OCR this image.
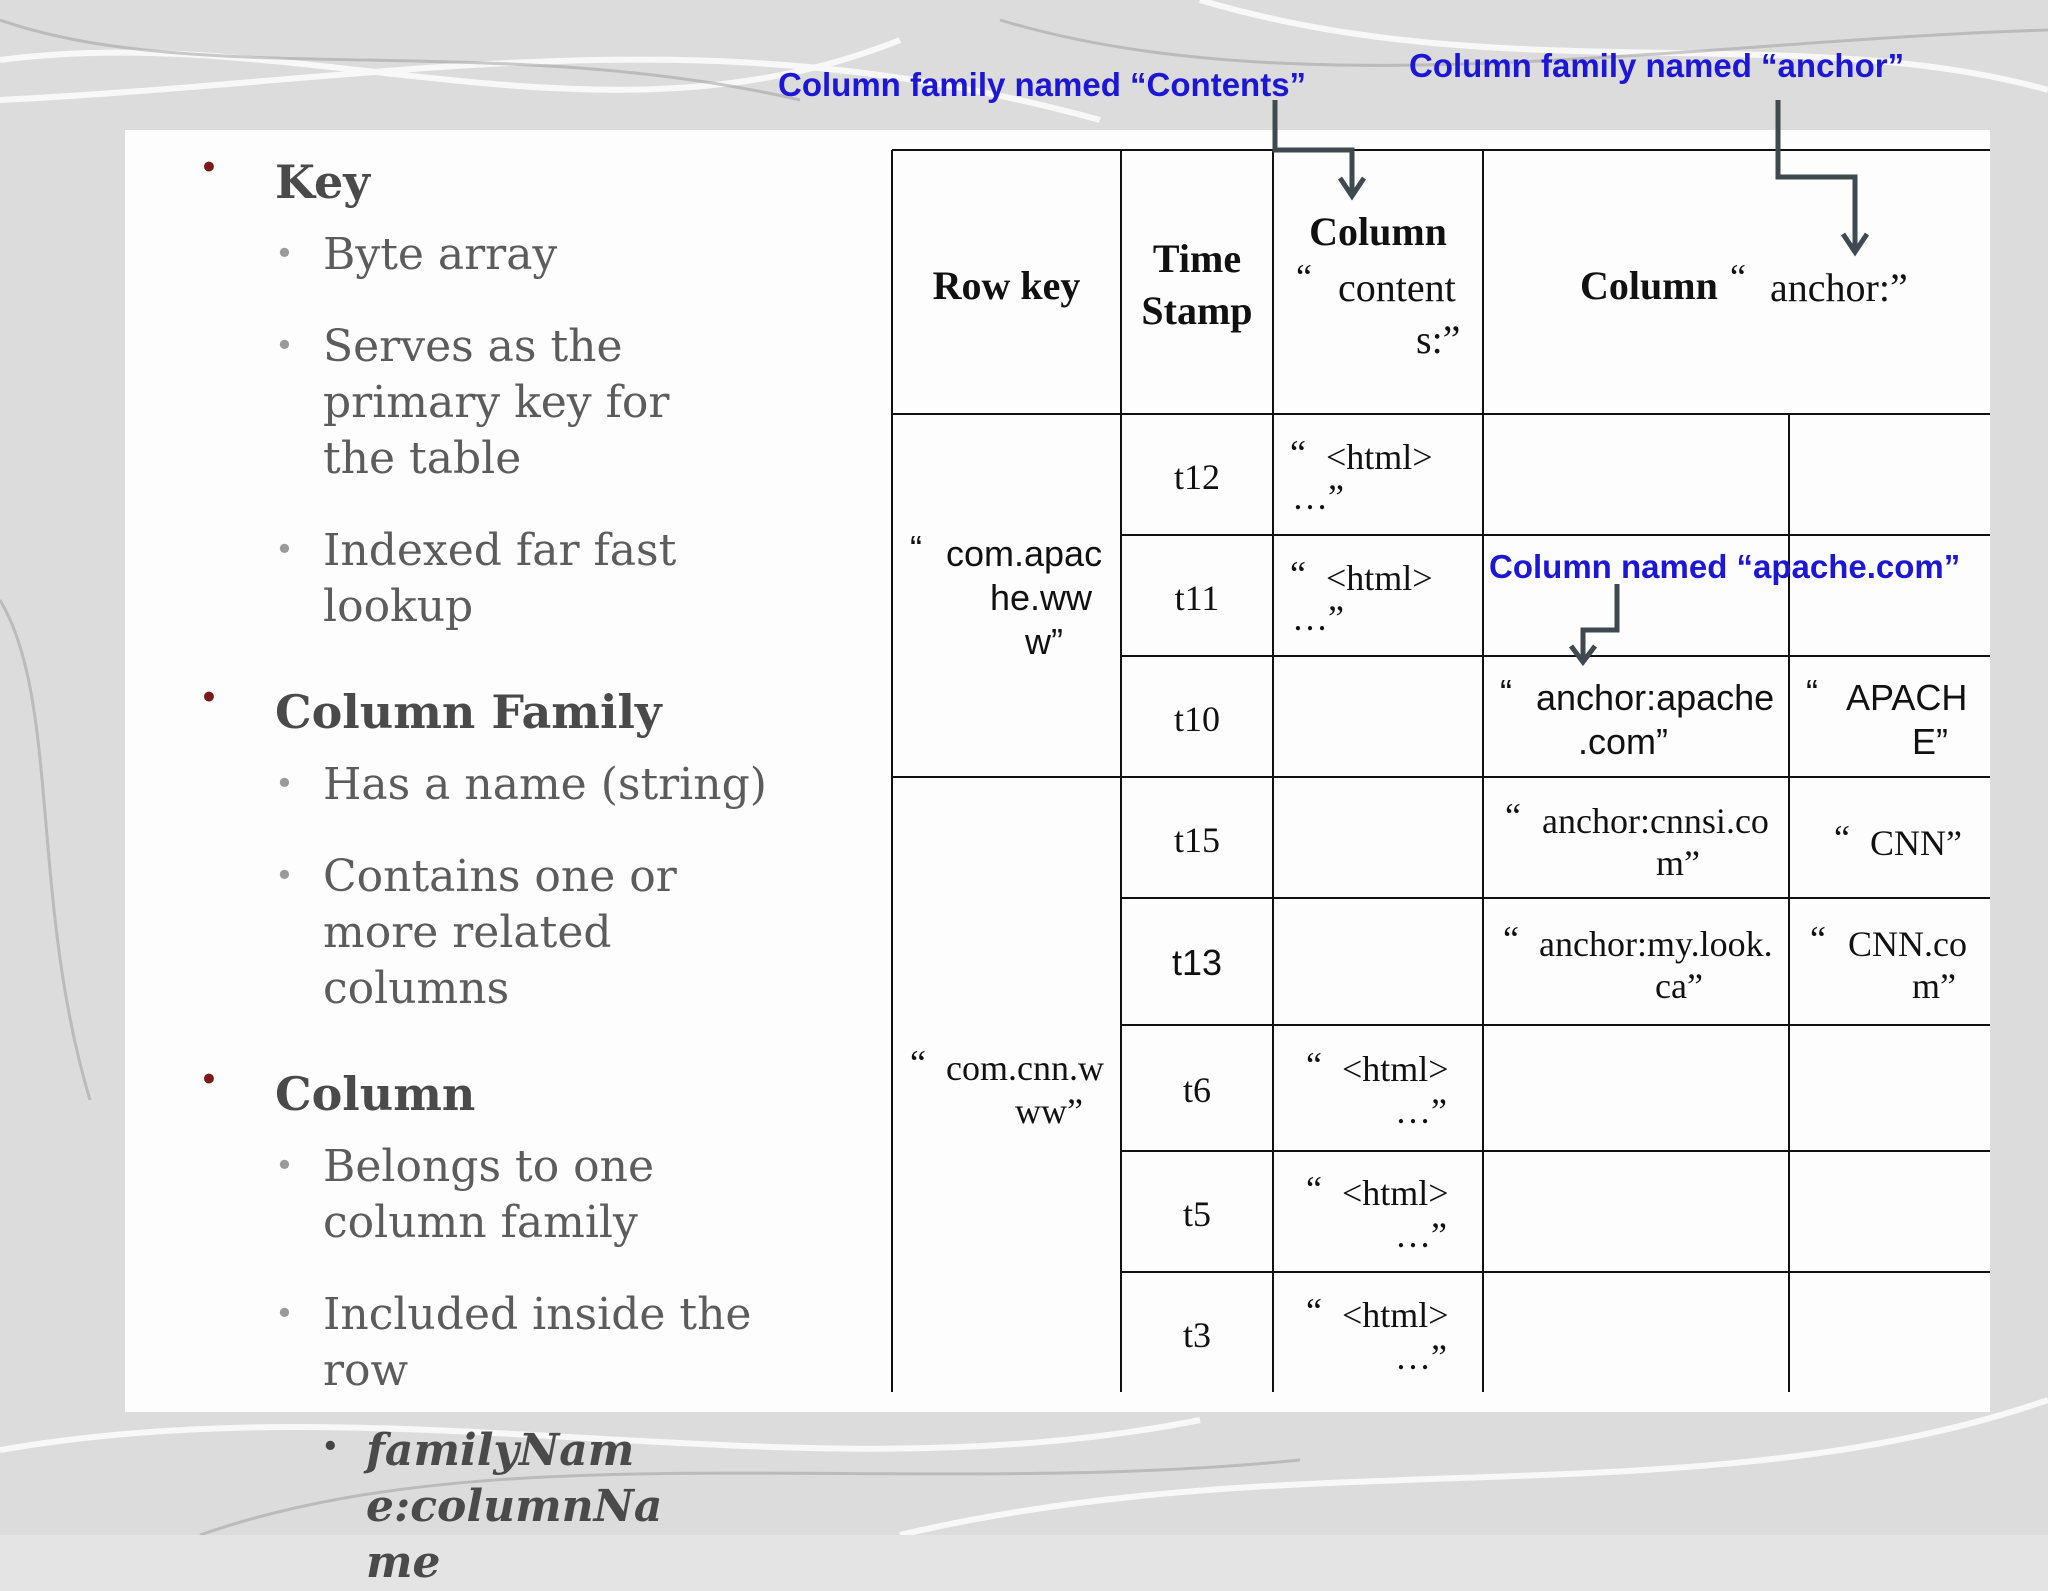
• Key
• Byte array
• Serves as the primary key for the table
• Indexed far fast lookup
• Column Family
• Has a name (string)
• Contains one or more related columns
• Column
• Belongs to one column family
• Included inside the row
• familyName:columnName
Column family named “Contents”
Column family named “anchor”
Row key
Time
Stamp
Column
“ content
s:”
Column “ anchor:”
“ com.apac
he.ww
w”
“ com.cnn.w
ww”
t12
t11
t10
t15
t13
t6
t5
t3
“ <html>
…”
“ <html>
…”
“ <html>
…”
“ <html>
…”
“ <html>
…”
Column named “apache.com”
“ anchor:apache
.com”
“ APACH
E”
“ anchor:cnnsi.co
m”
“ CNN”
“ anchor:my.look.
ca”
“ CNN.co
m”
